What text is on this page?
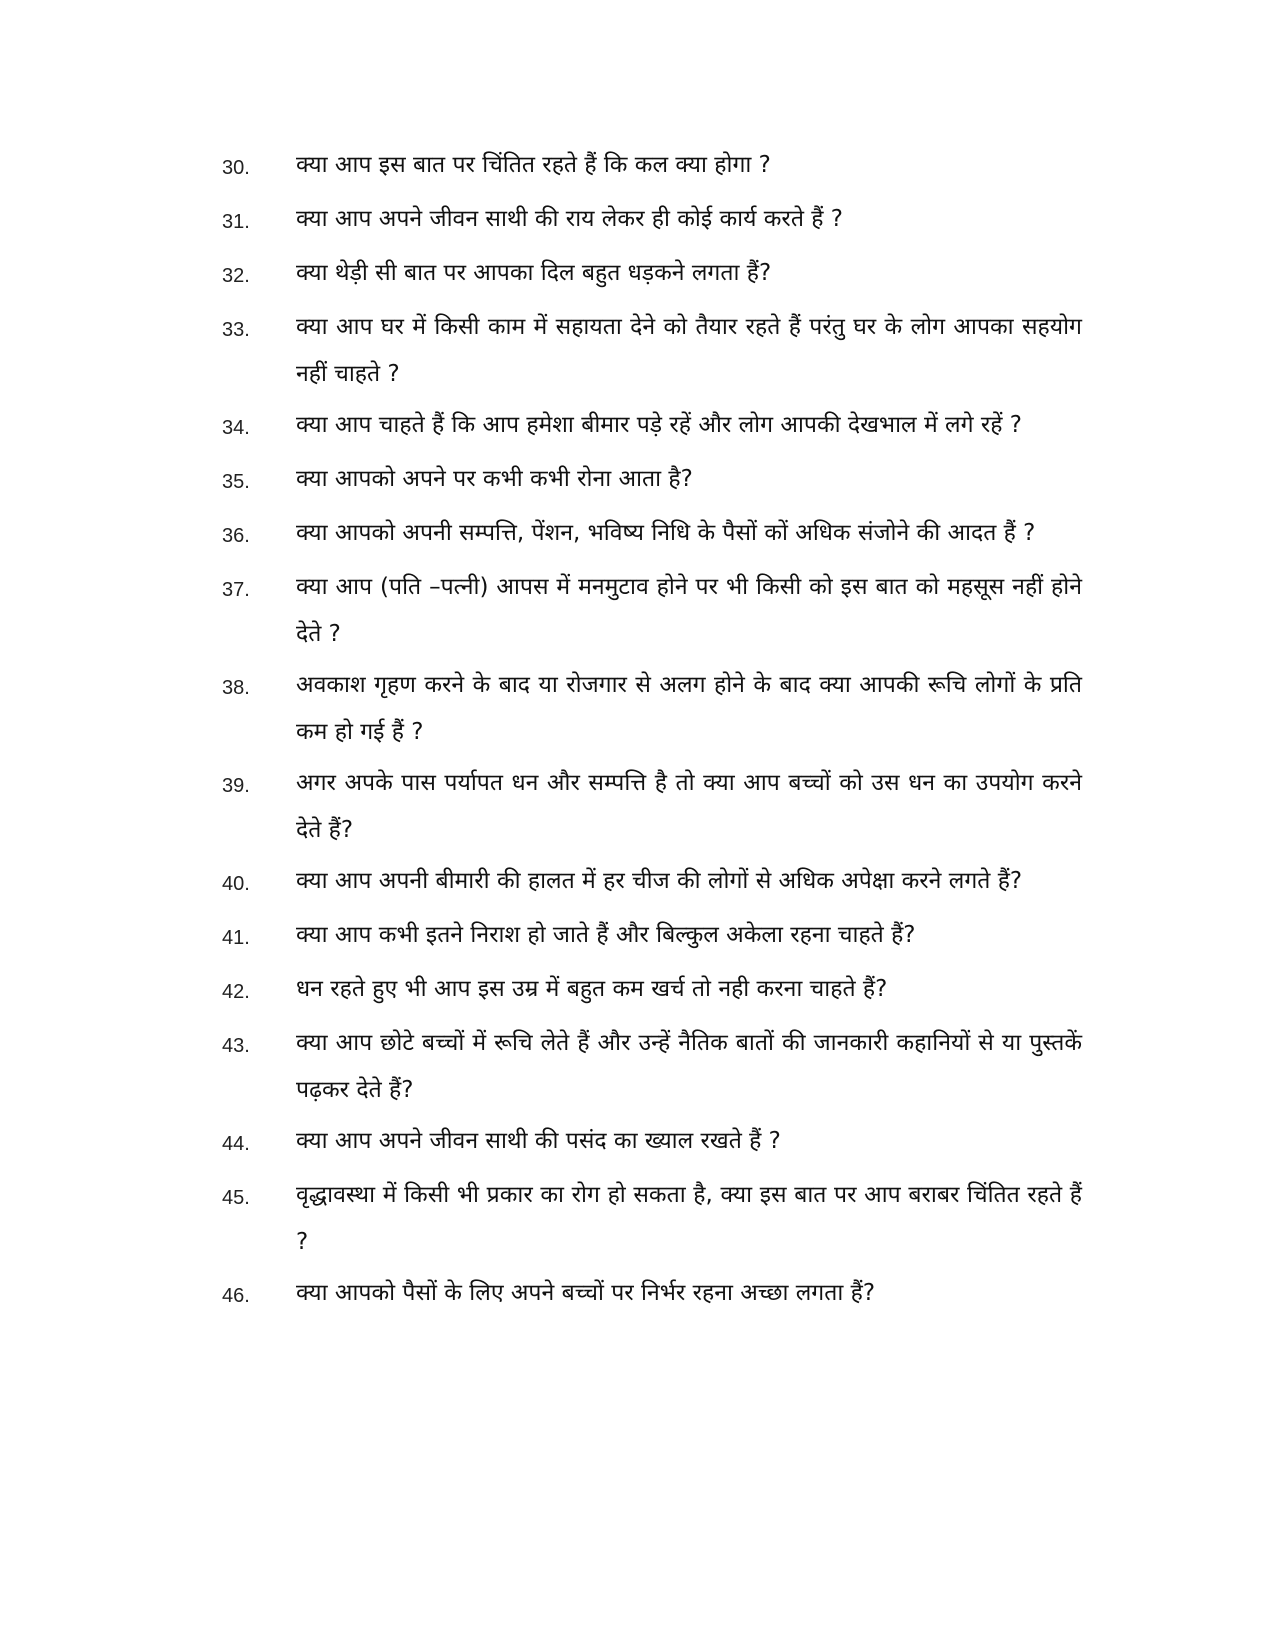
30.	क्या आप इस बात पर चिंतित रहते हैं कि कल क्या होगा ?
31.	क्या आप अपने जीवन साथी की राय लेकर ही कोई कार्य करते हैं ?
32.	क्या थेड़ी सी बात पर आपका दिल बहुत धड़कने लगता हैं?
33.	क्या आप घर में किसी काम में सहायता देने को तैयार रहते हैं परंतु घर के लोग आपका सहयोग नहीं चाहते ?
34.	क्या आप चाहते हैं कि आप हमेशा बीमार पड़े रहें और लोग आपकी देखभाल में लगे रहें ?
35.	क्या आपको अपने पर कभी कभी रोना आता है?
36.	क्या आपको अपनी सम्पत्ति, पेंशन, भविष्य निधि के पैसों कों अधिक संजोने की आदत हैं ?
37.	क्या आप (पति –पत्नी) आपस में मनमुटाव होने पर भी किसी को इस बात को महसूस नहीं होने देते ?
38.	अवकाश गृहण करने के बाद या रोजगार से अलग होने के बाद क्या आपकी रूचि लोगों के प्रति कम हो गई हैं ?
39.	अगर अपके पास पर्यापत धन और सम्पत्ति है तो क्या आप बच्चों को उस धन का उपयोग करने देते हैं?
40.	क्या आप अपनी बीमारी की हालत में हर चीज की लोगों से अधिक अपेक्षा करने लगते हैं?
41.	क्या आप कभी इतने निराश हो जाते हैं और बिल्कुल अकेला रहना चाहते हैं?
42.	धन रहते हुए भी आप इस उम्र में बहुत कम खर्च तो नही करना चाहते हैं?
43.	क्या आप छोटे बच्चों में रूचि लेते हैं और उन्हें नैतिक बातों की जानकारी कहानियों से या पुस्तकें पढ़कर देते हैं?
44.	क्या आप अपने जीवन साथी की पसंद का ख्याल रखते हैं ?
45.	वृद्धावस्था में किसी भी प्रकार का रोग हो सकता है, क्या इस बात पर आप बराबर चिंतित रहते हैं ?
46.	क्या आपको पैसों के लिए अपने बच्चों पर निर्भर रहना अच्छा लगता हैं?
